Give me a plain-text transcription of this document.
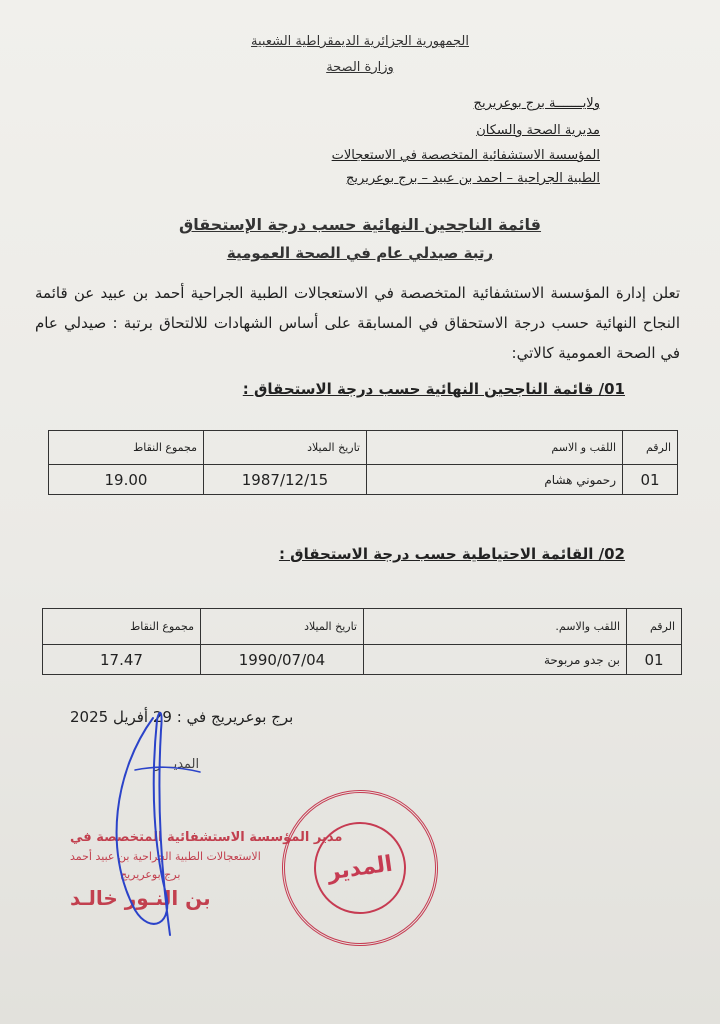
الجمهورية الجزائرية الديمقراطية الشعبية
وزارة الصحة
ولايـــــــة برج بوعريريج
مديرية الصحة والسكان
المؤسسة الاستشفائية المتخصصة في الاستعجالات
الطبية الجراحية – احمد بن عبيد – برج بوعريريج
قائمة الناجحين النهائية حسب درجة الإستحقاق
رتبة صيدلي عام في الصحة العمومية
تعلن إدارة المؤسسة الاستشفائية المتخصصة في الاستعجالات الطبية الجراحية أحمد بن عبيد عن قائمة النجاح النهائية حسب درجة الاستحقاق في المسابقة على أساس الشهادات للالتحاق برتبة : صيدلي عام في الصحة العمومية كالاتي:
01/ قائمة الناجحين النهائية حسب درجة الاستحقاق :
الرقم	اللقب و الاسم	تاريخ الميلاد	مجموع النقاط
01	رحموني هشام	1987/12/15	19.00
02/ القائمة الاحتياطية حسب درجة الاستحقاق :
الرقم	اللقب والاسم.	تاريخ الميلاد	مجموع النقاط
01	بن جدو مربوحة	1990/07/04	17.47
برج بوعريريج في : 29 أفريل 2025
المديـــر
مدير المؤسسة الاستشفائية المتخصصة في
الاستعجالات الطبية الجراحية بن عبيد أحمد
برج بوعريريج
بن النـور خالـد
المدير
